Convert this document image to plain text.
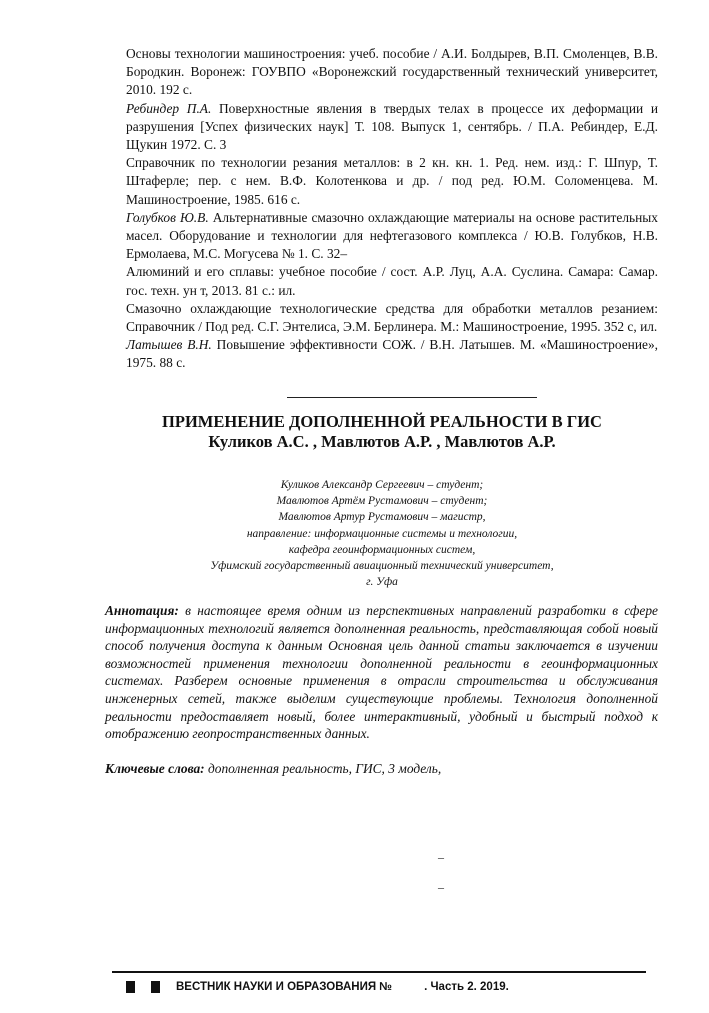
Основы технологии машиностроения: учеб. пособие / А.И. Болдырев, В.П. Смоленцев, В.В. Бородкин. Воронеж: ГОУВПО «Воронежский государственный технический университет, 2010. 192 с.

Ребиндер П.А. Поверхностные явления в твердых телах в процессе их деформации и разрушения [Успех физических наук] Т. 108. Выпуск 1, сентябрь. / П.А. Ребиндер, Е.Д. Щукин 1972. С. 3

Справочник по технологии резания металлов: в 2 кн. кн. 1. Ред. нем. изд.: Г. Шпур, Т. Штаферле; пер. с нем. В.Ф. Колотенкова и др. / под ред. Ю.М. Соломенцева. М. Машиностроение, 1985. 616 с.

Голубков Ю.В. Альтернативные смазочно охлаждающие материалы на основе растительных масел. Оборудование и технологии для нефтегазового комплекса / Ю.В. Голубков, Н.В. Ермолаева, М.С. Могусева № 1. С. 32–

Алюминий и его сплавы: учебное пособие / сост. А.Р. Луц, А.А. Суслина. Самара: Самар. гос. техн. ун т, 2013. 81 с.: ил.

Смазочно охлаждающие технологические средства для обработки металлов резанием: Справочник / Под ред. С.Г. Энтелиса, Э.М. Берлинера. М.: Машиностроение, 1995. 352 с, ил.

Латышев В.Н. Повышение эффективности СОЖ. / В.Н. Латышев. М. «Машиностроение», 1975. 88 с.

ПРИМЕНЕНИЕ ДОПОЛНЕННОЙ РЕАЛЬНОСТИ В ГИС
Куликов А.С. , Мавлютов А.Р. , Мавлютов А.Р.
Куликов Александр Сергеевич – студент;
Мавлютов Артём Рустамович – студент;
Мавлютов Артур Рустамович – магистр,
направление: информационные системы и технологии,
кафедра геоинформационных систем,
Уфимский государственный авиационный технический университет,
г. Уфа
Аннотация: в настоящее время одним из перспективных направлений разработки в сфере информационных технологий является дополненная реальность, представляющая собой новый способ получения доступа к данным Основная цель данной статьи заключается в изучении возможностей применения технологии дополненной реальности в геоинформационных системах. Разберем основные применения в отрасли строительства и обслуживания инженерных сетей, также выделим существующие проблемы. Технология дополненной реальности предоставляет новый, более интерактивный, удобный и быстрый подход к отображению геопространственных данных.
Ключевые слова: дополненная реальность, ГИС, 3 модель,
–
–
ВЕСТНИК НАУКИ И ОБРАЗОВАНИЯ №          . Часть 2. 2019.
